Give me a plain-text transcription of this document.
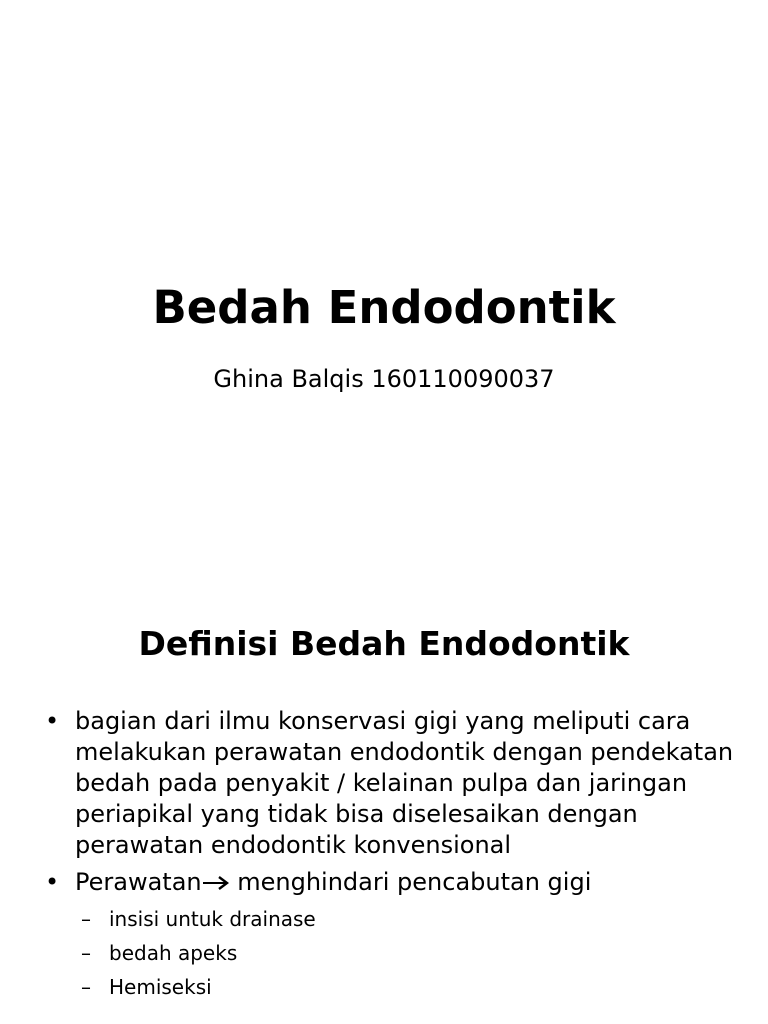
Bedah Endodontik
Ghina Balqis 160110090037
Definisi Bedah Endodontik
• bagian dari ilmu konservasi gigi yang meliputi cara melakukan perawatan endodontik dengan pendekatan bedah pada penyakit / kelainan pulpa dan jaringan periapikal yang tidak bisa diselesaikan dengan perawatan endodontik konvensional
• Perawatan menghindari pencabutan gigi
– insisi untuk drainase
– bedah apeks
– Hemiseksi
